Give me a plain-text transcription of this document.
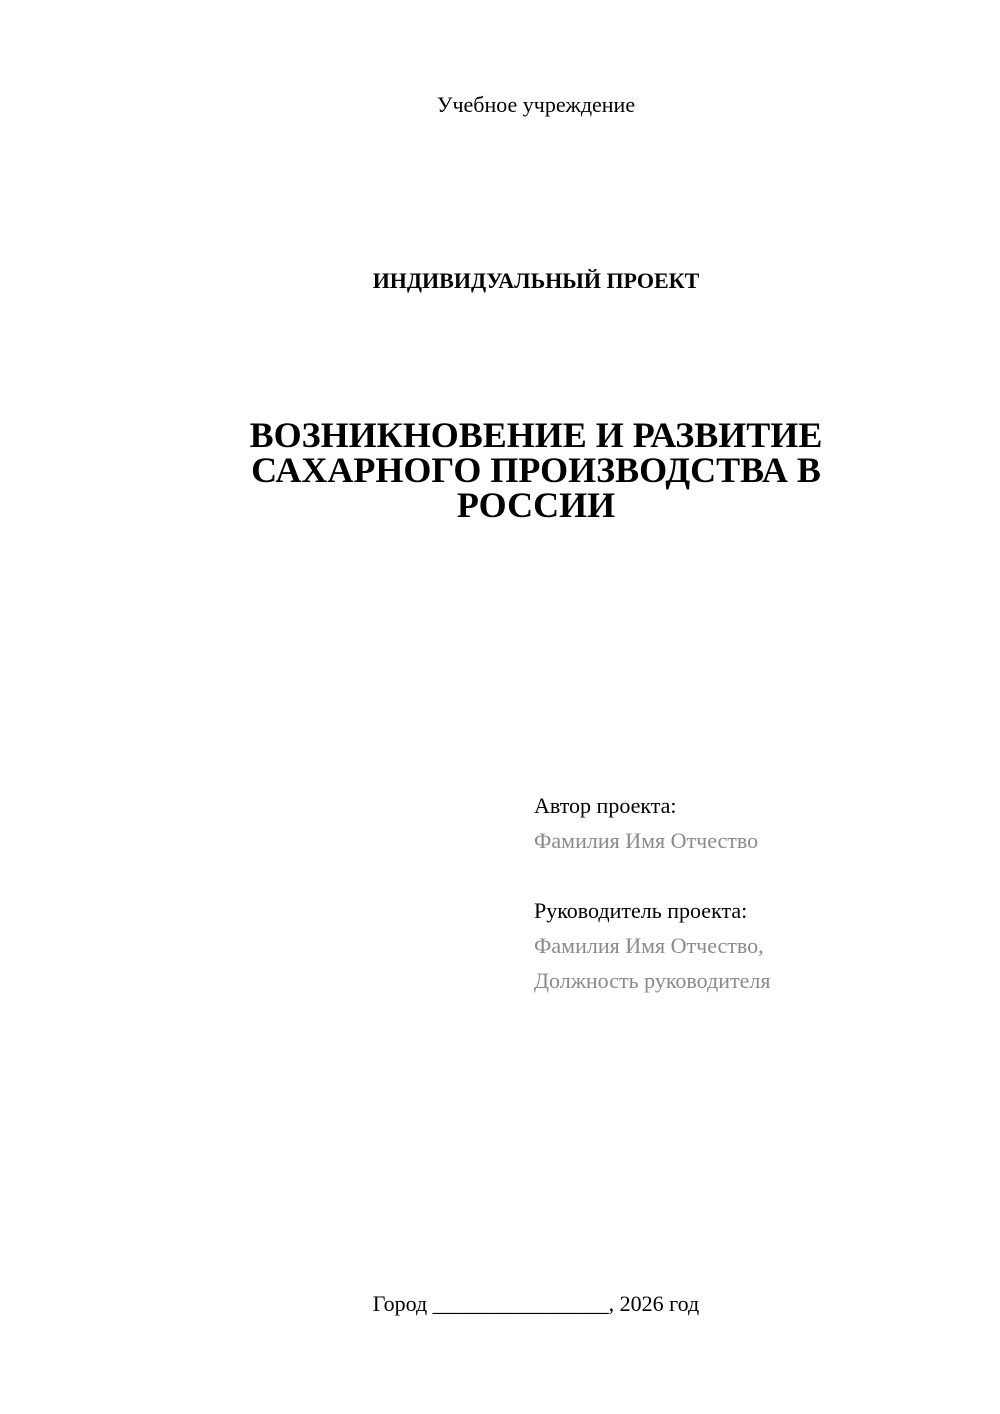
Учебное учреждение
ИНДИВИДУАЛЬНЫЙ ПРОЕКТ
ВОЗНИКНОВЕНИЕ И РАЗВИТИЕ
САХАРНОГО ПРОИЗВОДСТВА В
РОССИИ
Автор проекта:
Фамилия Имя Отчество
Руководитель проекта:
Фамилия Имя Отчество,
Должность руководителя
Город ________________, 2026 год
